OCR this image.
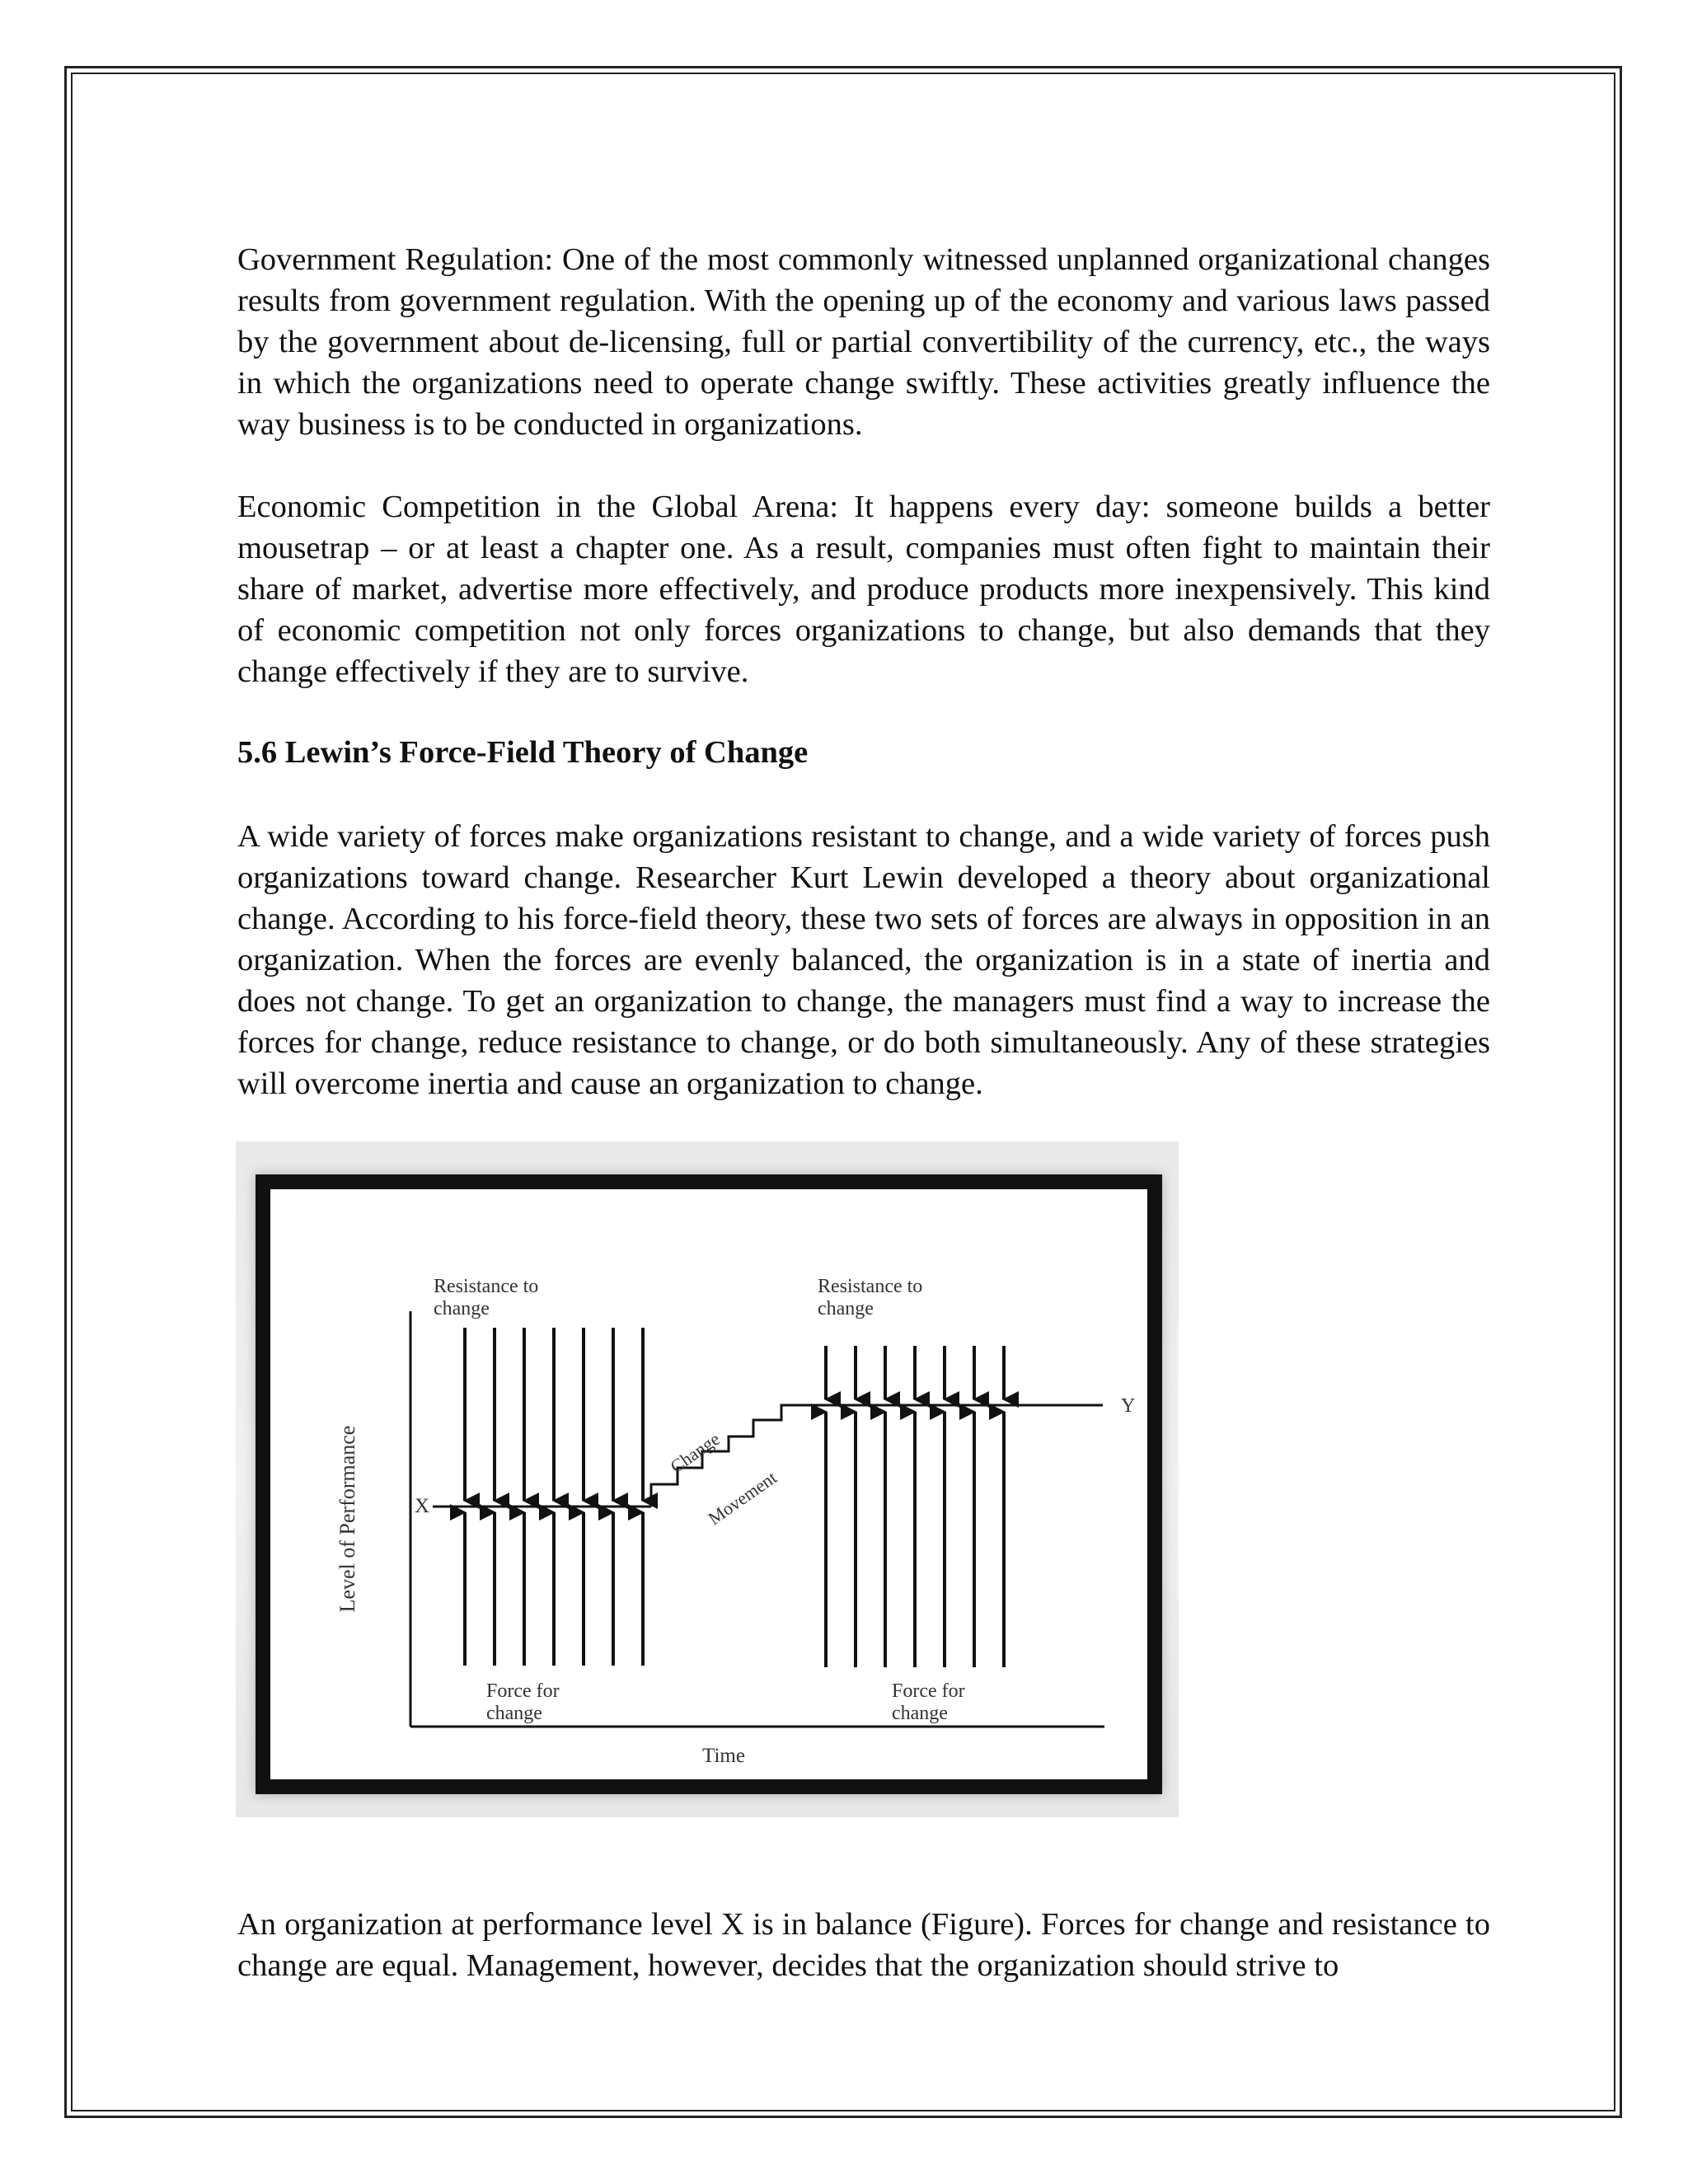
Government Regulation: One of the most commonly witnessed unplanned organizational changes results from government regulation. With the opening up of the economy and various laws passed by the government about de-licensing, full or partial convertibility of the currency, etc., the ways in which the organizations need to operate change swiftly. These activities greatly influence the way business is to be conducted in organizations.

Economic Competition in the Global Arena: It happens every day: someone builds a better mousetrap – or at least a chapter one. As a result, companies must often fight to maintain their share of market, advertise more effectively, and produce products more inexpensively. This kind of economic competition not only forces organizations to change, but also demands that they change effectively if they are to survive.

5.6 Lewin’s Force-Field Theory of Change

A wide variety of forces make organizations resistant to change, and a wide variety of forces push organizations toward change. Researcher Kurt Lewin developed a theory about organizational change. According to his force-field theory, these two sets of forces are always in opposition in an organization. When the forces are evenly balanced, the organization is in a state of inertia and does not change. To get an organization to change, the managers must find a way to increase the forces for change, reduce resistance to change, or do both simultaneously. Any of these strategies will overcome inertia and cause an organization to change.

Level of Performance
Time
X
Y
Change
Movement
Resistance to
change
Force for
change
Resistance to
change
Force for
change

An organization at performance level X is in balance (Figure). Forces for change and resistance to change are equal. Management, however, decides that the organization should strive to
